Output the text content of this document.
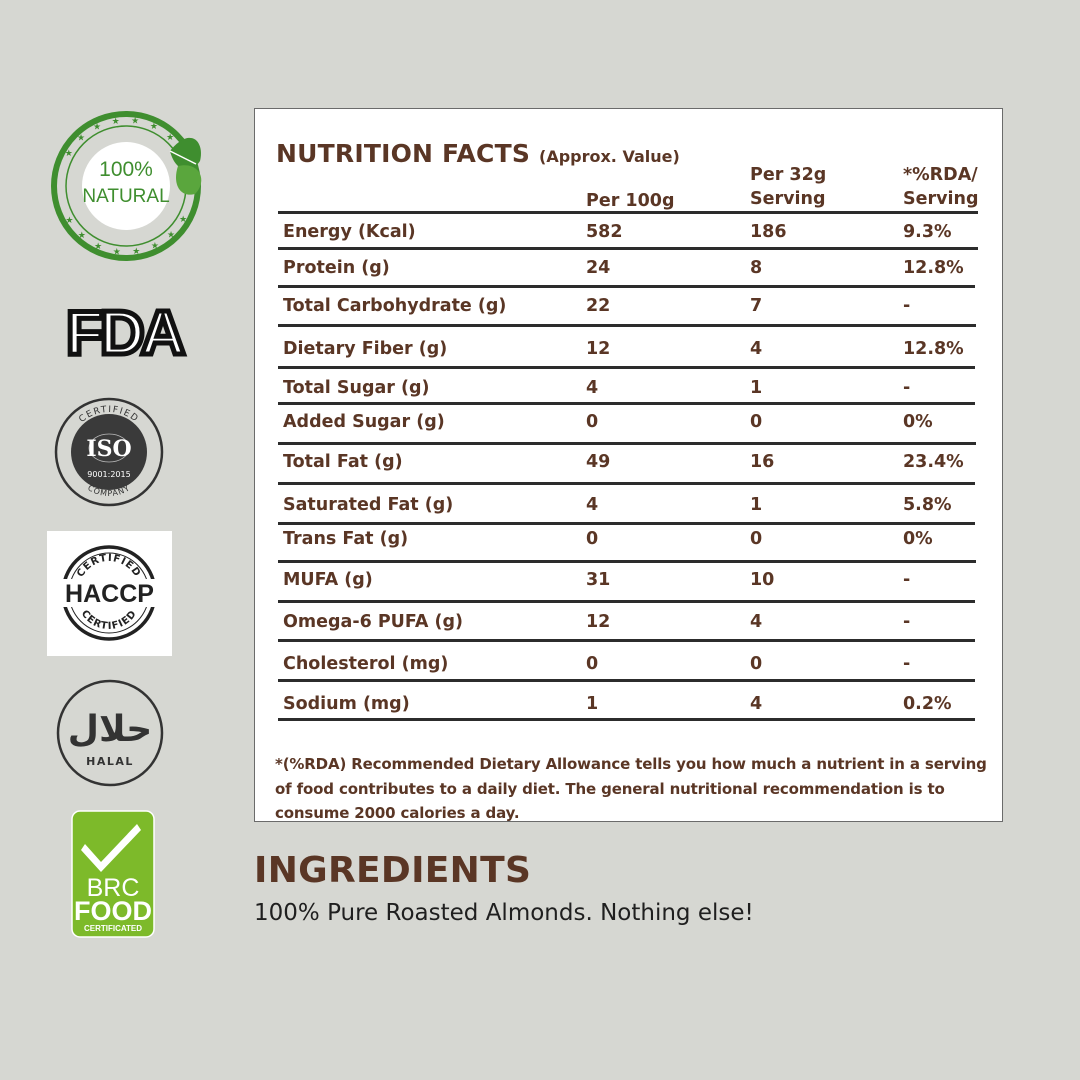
★
★
★
★ ★
★
★
★
★
★
★
★
★
★
★
100%
NATURAL
FDA
CERTIFIED
COMPANY
ISO
9001:2015
CERTIFIED
CERTIFIED
HACCP
حلال
HALAL
BRC
FOOD
CERTIFICATED

NUTRITION FACTS (Approx. Value)

Per 100g

Per 32g
Serving
*%RDA/
Serving
Energy (Kcal)	582	186	9.3%
Protein (g)	24	8	12.8%
Total Carbohydrate (g)	22	7	-
Dietary Fiber (g)	12	4	12.8%
Total Sugar (g)	4	1	-
Added Sugar (g)	0	0	0%
Total Fat (g)	49	16	23.4%
Saturated Fat (g)	4	1	5.8%
Trans Fat (g)	0	0	0%
MUFA (g)	31	10	-
Omega-6 PUFA (g)	12	4	-
Cholesterol (mg)	0	0	-
Sodium (mg)	1	4	0.2%

*(%RDA) Recommended Dietary Allowance tells you how much a nutrient in a serving of food contributes to a daily diet. The general nutritional recommendation is to consume 2000 calories a day.

INGREDIENTS
100% Pure Roasted Almonds. Nothing else!
